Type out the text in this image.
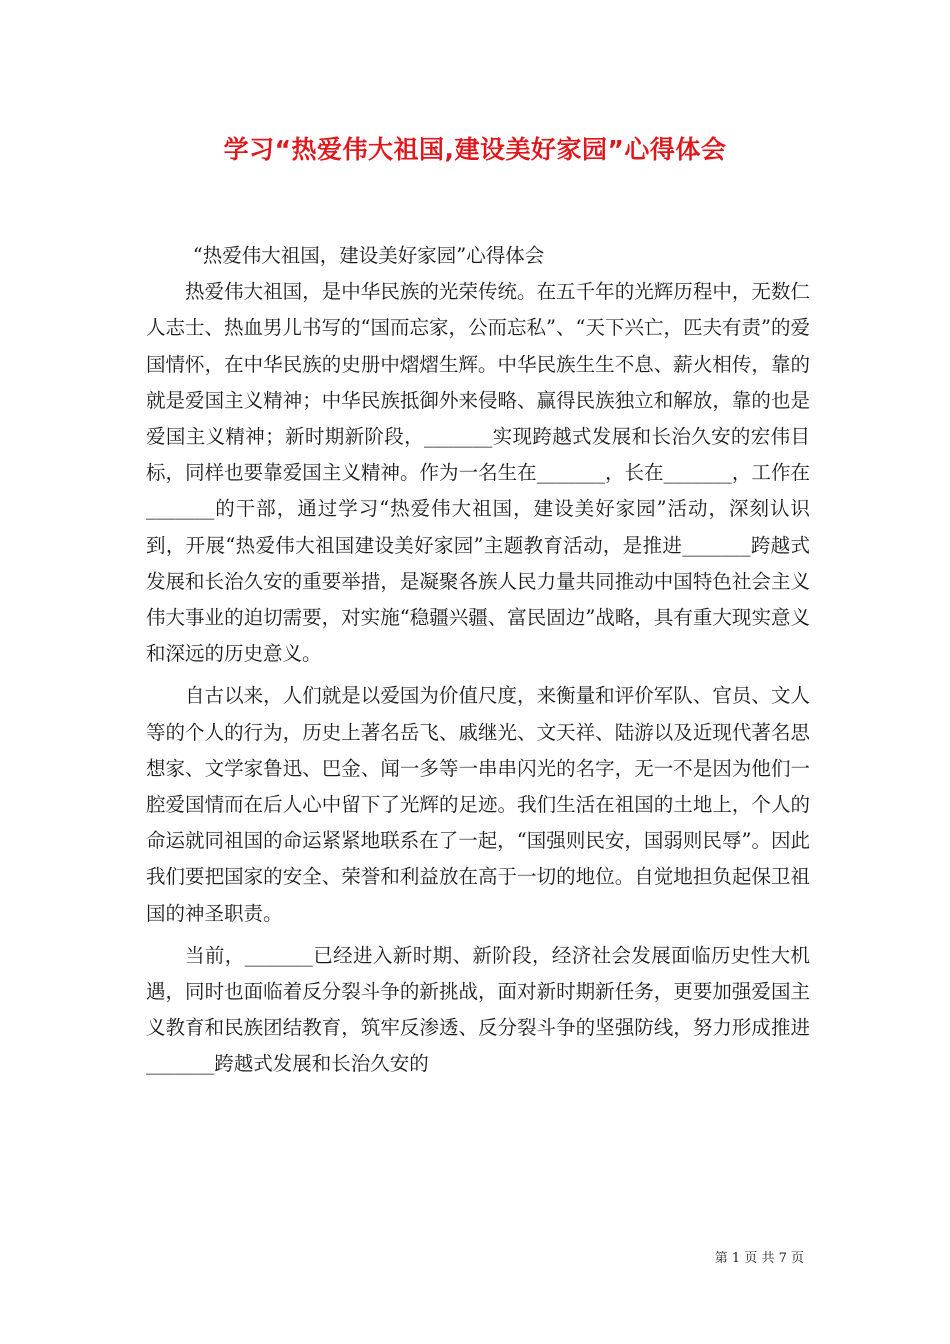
学习“热爱伟大祖国,建设美好家园”心得体会

“热爱伟大祖国，建设美好家园”心得体会

热爱伟大祖国，是中华民族的光荣传统。在五千年的光辉历程中，无数仁人志士、热血男儿书写的“国而忘家，公而忘私”、“天下兴亡，匹夫有责”的爱国情怀，在中华民族的史册中熠熠生辉。中华民族生生不息、薪火相传，靠的就是爱国主义精神；中华民族抵御外来侵略、赢得民族独立和解放，靠的也是爱国主义精神；新时期新阶段，_______实现跨越式发展和长治久安的宏伟目标，同样也要靠爱国主义精神。作为一名生在_______，长在_______，工作在_______的干部，通过学习“热爱伟大祖国，建设美好家园”活动，深刻认识到，开展“热爱伟大祖国建设美好家园”主题教育活动，是推进_______跨越式发展和长治久安的重要举措，是凝聚各族人民力量共同推动中国特色社会主义伟大事业的迫切需要，对实施“稳疆兴疆、富民固边”战略，具有重大现实意义和深远的历史意义。

自古以来，人们就是以爱国为价值尺度，来衡量和评价军队、官员、文人等的个人的行为，历史上著名岳飞、戚继光、文天祥、陆游以及近现代著名思想家、文学家鲁迅、巴金、闻一多等一串串闪光的名字，无一不是因为他们一腔爱国情而在后人心中留下了光辉的足迹。我们生活在祖国的土地上，个人的命运就同祖国的命运紧紧地联系在了一起，“国强则民安，国弱则民辱”。因此我们要把国家的安全、荣誉和利益放在高于一切的地位。自觉地担负起保卫祖国的神圣职责。

当前，_______已经进入新时期、新阶段，经济社会发展面临历史性大机遇，同时也面临着反分裂斗争的新挑战，面对新时期新任务，更要加强爱国主义教育和民族团结教育，筑牢反渗透、反分裂斗争的坚强防线，努力形成推进_______跨越式发展和长治久安的

第 1 页 共 7 页
